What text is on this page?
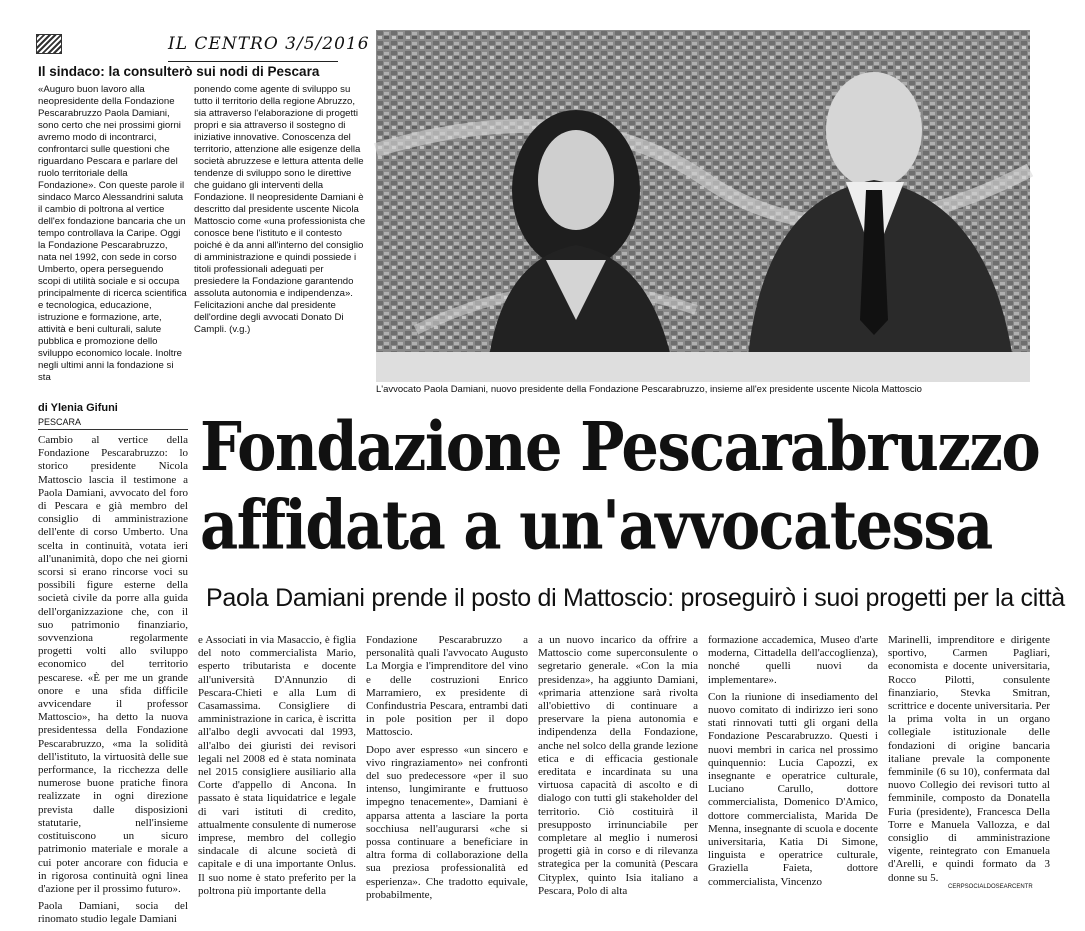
IL CENTRO 3/5/2016
Il sindaco: la consulterò sui nodi di Pescara
«Auguro buon lavoro alla neopresidente della Fondazione Pescarabruzzo Paola Damiani, sono certo che nei prossimi giorni avremo modo di incontrarci, confrontarci sulle questioni che riguardano Pescara e parlare del ruolo territoriale della Fondazione». Con queste parole il sindaco Marco Alessandrini saluta il cambio di poltrona al vertice dell'ex fondazione bancaria che un tempo controllava la Caripe. Oggi la Fondazione Pescarabruzzo, nata nel 1992, con sede in corso Umberto, opera perseguendo scopi di utilità sociale e si occupa principalmente di ricerca scientifica e tecnologica, educazione, istruzione e formazione, arte, attività e beni culturali, salute pubblica e promozione dello sviluppo economico locale. Inoltre negli ultimi anni la fondazione si sta
ponendo come agente di sviluppo su tutto il territorio della regione Abruzzo, sia attraverso l'elaborazione di progetti propri e sia attraverso il sostegno di iniziative innovative. Conoscenza del territorio, attenzione alle esigenze della società abruzzese e lettura attenta delle tendenze di sviluppo sono le direttive che guidano gli interventi della Fondazione. Il neopresidente Damiani è descritto dal presidente uscente Nicola Mattoscio come «una professionista che conosce bene l'istituto e il contesto poiché è da anni all'interno del consiglio di amministrazione e quindi possiede i titoli professionali adeguati per presiedere la Fondazione garantendo assoluta autonomia e indipendenza». Felicitazioni anche dal presidente dell'ordine degli avvocati Donato Di Campli. (v.g.)
L'avvocato Paola Damiani, nuovo presidente della Fondazione Pescarabruzzo, insieme all'ex presidente uscente Nicola Mattoscio
di Ylenia Gifuni
PESCARA Fondazione Pescarabruzzo
affidata a un'avvocatessa
Paola Damiani prende il posto di Mattoscio: proseguirò i suoi progetti per la città

Cambio al vertice della Fondazione Pescarabruzzo: lo storico presidente Nicola Mattoscio lascia il testimone a Paola Damiani, avvocato del foro di Pescara e già membro del consiglio di amministrazione dell'ente di corso Umberto. Una scelta in continuità, votata ieri all'unanimità, dopo che nei giorni scorsi si erano rincorse voci su possibili figure esterne della società civile da porre alla guida dell'organizzazione che, con il suo patrimonio finanziario, sovvenziona regolarmente progetti volti allo sviluppo economico del territorio pescarese. «È per me un grande onore e una sfida difficile avvicendare il professor Mattoscio», ha detto la nuova presidentessa della Fondazione Pescarabruzzo, «ma la solidità dell'istituto, la virtuosità delle sue performance, la ricchezza delle numerose buone pratiche finora realizzate in ogni direzione prevista dalle disposizioni statutarie, nell'insieme costituiscono un sicuro patrimonio materiale e morale a cui poter ancorare con fiducia e in rigorosa continuità ogni linea d'azione per il prossimo futuro».

Paola Damiani, socia del rinomato studio legale Damiani

e Associati in via Masaccio, è figlia del noto commercialista Mario, esperto tributarista e docente all'università D'Annunzio di Pescara-Chieti e alla Lum di Casamassima. Consigliere di amministrazione in carica, è iscritta all'albo degli avvocati dal 1993, all'albo dei giuristi dei revisori legali nel 2008 ed è stata nominata nel 2015 consigliere ausiliario alla Corte d'appello di Ancona. In passato è stata liquidatrice e legale di vari istituti di credito, attualmente consulente di numerose imprese, membro del collegio sindacale di alcune società di capitale e di una importante Onlus. Il suo nome è stato preferito per la poltrona più importante della

Fondazione Pescarabruzzo a personalità quali l'avvocato Augusto La Morgia e l'imprenditore del vino e delle costruzioni Enrico Marramiero, ex presidente di Confindustria Pescara, entrambi dati in pole position per il dopo Mattoscio.

Dopo aver espresso «un sincero e vivo ringraziamento» nei confronti del suo predecessore «per il suo intenso, lungimirante e fruttuoso impegno tenacemente», Damiani è apparsa attenta a lasciare la porta socchiusa nell'augurarsi «che si possa continuare a beneficiare in altra forma di collaborazione della sua preziosa professionalità ed esperienza». Che tradotto equivale, probabilmente,

a un nuovo incarico da offrire a Mattoscio come superconsulente o segretario generale. «Con la mia presidenza», ha aggiunto Damiani, «primaria attenzione sarà rivolta all'obiettivo di continuare a preservare la piena autonomia e indipendenza della Fondazione, anche nel solco della grande lezione etica e di efficacia gestionale ereditata e incardinata su una virtuosa capacità di ascolto e di dialogo con tutti gli stakeholder del territorio. Ciò costituirà il presupposto irrinunciabile per completare al meglio i numerosi progetti già in corso e di rilevanza strategica per la comunità (Pescara Cityplex, quinto Isia italiano a Pescara, Polo di alta

formazione accademica, Museo d'arte moderna, Cittadella dell'accoglienza), nonché quelli nuovi da implementare».

Con la riunione di insediamento del nuovo comitato di indirizzo ieri sono stati rinnovati tutti gli organi della Fondazione Pescarabruzzo. Questi i nuovi membri in carica nel prossimo quinquennio: Lucia Capozzi, ex insegnante e operatrice culturale, Luciano Carullo, dottore commercialista, Domenico D'Amico, dottore commercialista, Marida De Menna, insegnante di scuola e docente universitaria, Katia Di Simone, linguista e operatrice culturale, Graziella Faieta, dottore commercialista, Vincenzo

Marinelli, imprenditore e dirigente sportivo, Carmen Pagliari, economista e docente universitaria, Rocco Pilotti, consulente finanziario, Stevka Smitran, scrittrice e docente universitaria. Per la prima volta in un organo collegiale istituzionale delle fondazioni di origine bancaria italiane prevale la componente femminile (6 su 10), confermata dal nuovo Collegio dei revisori tutto al femminile, composto da Donatella Furia (presidente), Francesca Della Torre e Manuela Vallozza, e dal consiglio di amministrazione vigente, reintegrato con Emanuela d'Arelli, e quindi formato da 3 donne su 5.

CERPSOCIALDOSEARCENTR
